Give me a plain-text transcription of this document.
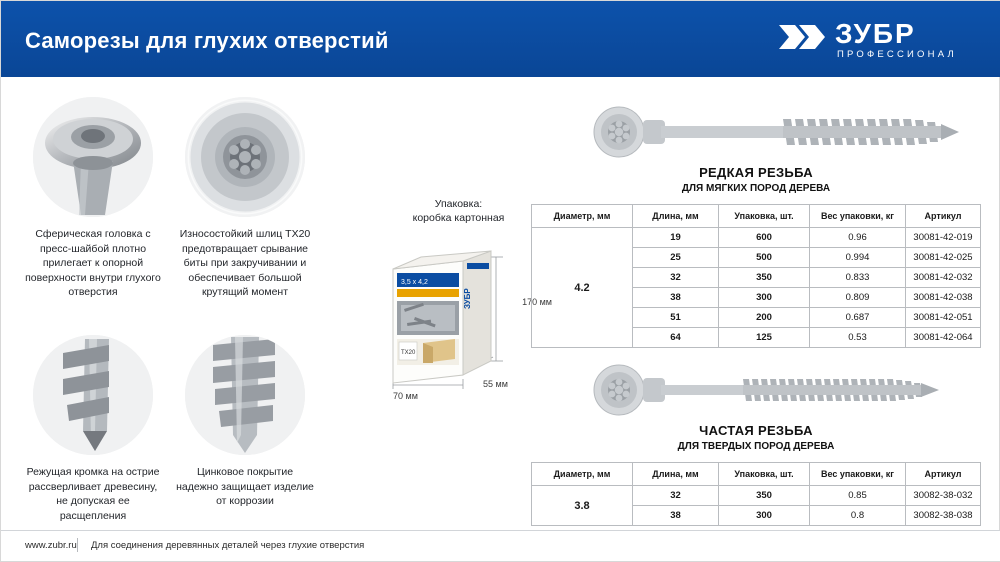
Саморезы для глухих отверстий	ЗУБР
ПРОФЕССИОНАЛ
Сферическая головка с пресс-шайбой плотно прилегает к опорной поверхности внутри глухого отверстия
Износостойкий шлиц TX20 предотвращает срывание биты при закручивании и обеспечивает большой крутящий момент
Режущая кромка на острие рассверливает древесину, не допуская ее расщепления
Цинковое покрытие надежно защищает изделие от коррозии
Упаковка:
коробка картонная
3,5 x 4,2
TX20
ЗУБР	170 мм
70 мм
55 мм
РЕДКАЯ РЕЗЬБА
ДЛЯ МЯГКИХ ПОРОД ДЕРЕВА
Диаметр, мм	Длина, мм	Упаковка, шт.	Вес упаковки, кг	Артикул
4.2	19	600	0.96	30081-42-019
	25	500	0.994	30081-42-025
	32	350	0.833	30081-42-032
	38	300	0.809	30081-42-038
	51	200	0.687	30081-42-051
	64	125	0.53	30081-42-064
ЧАСТАЯ РЕЗЬБА
ДЛЯ ТВЕРДЫХ ПОРОД ДЕРЕВА
Диаметр, мм	Длина, мм	Упаковка, шт.	Вес упаковки, кг	Артикул
3.8	32	350	0.85	30082-38-032
	38	300	0.8	30082-38-038
www.zubr.ru Для соединения деревянных деталей через глухие отверстия
